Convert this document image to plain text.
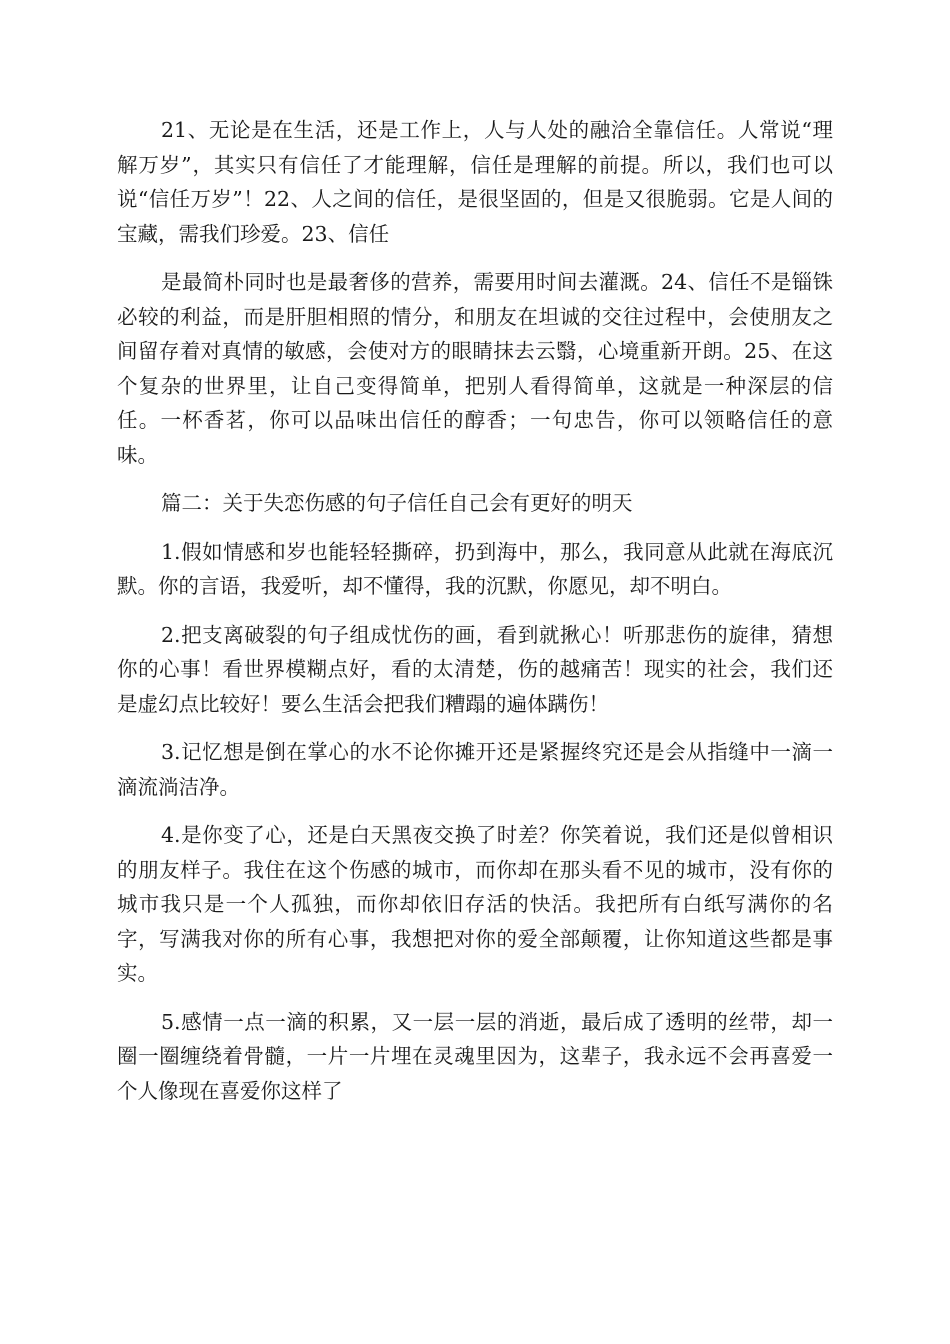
21、无论是在生活，还是工作上，人与人处的融洽全靠信任。人常说“理解万岁”，其实只有信任了才能理解，信任是理解的前提。所以，我们也可以说“信任万岁”！22、人之间的信任，是很坚固的，但是又很脆弱。它是人间的宝藏，需我们珍爱。23、信任

是最简朴同时也是最奢侈的营养，需要用时间去灌溉。24、信任不是锱铢必较的利益，而是肝胆相照的情分，和朋友在坦诚的交往过程中，会使朋友之间留存着对真情的敏感，会使对方的眼睛抹去云翳，心境重新开朗。25、在这个复杂的世界里，让自己变得简单，把别人看得简单，这就是一种深层的信任。一杯香茗，你可以品味出信任的醇香；一句忠告，你可以领略信任的意味。

篇二：关于失恋伤感的句子信任自己会有更好的明天

1.假如情感和岁也能轻轻撕碎，扔到海中，那么，我同意从此就在海底沉默。你的言语，我爱听，却不懂得，我的沉默，你愿见，却不明白。

2.把支离破裂的句子组成忧伤的画，看到就揪心！听那悲伤的旋律，猜想你的心事！看世界模糊点好，看的太清楚，伤的越痛苦！现实的社会，我们还是虚幻点比较好！要么生活会把我们糟蹋的遍体蹒伤！

3.记忆想是倒在掌心的水不论你摊开还是紧握终究还是会从指缝中一滴一滴流淌洁净。

4.是你变了心，还是白天黑夜交换了时差？你笑着说，我们还是似曾相识的朋友样子。我住在这个伤感的城市，而你却在那头看不见的城市，没有你的城市我只是一个人孤独，而你却依旧存活的快活。我把所有白纸写满你的名字，写满我对你的所有心事，我想把对你的爱全部颠覆，让你知道这些都是事实。

5.感情一点一滴的积累，又一层一层的消逝，最后成了透明的丝带，却一圈一圈缠绕着骨髓，一片一片埋在灵魂里因为，这辈子，我永远不会再喜爱一个人像现在喜爱你这样了
